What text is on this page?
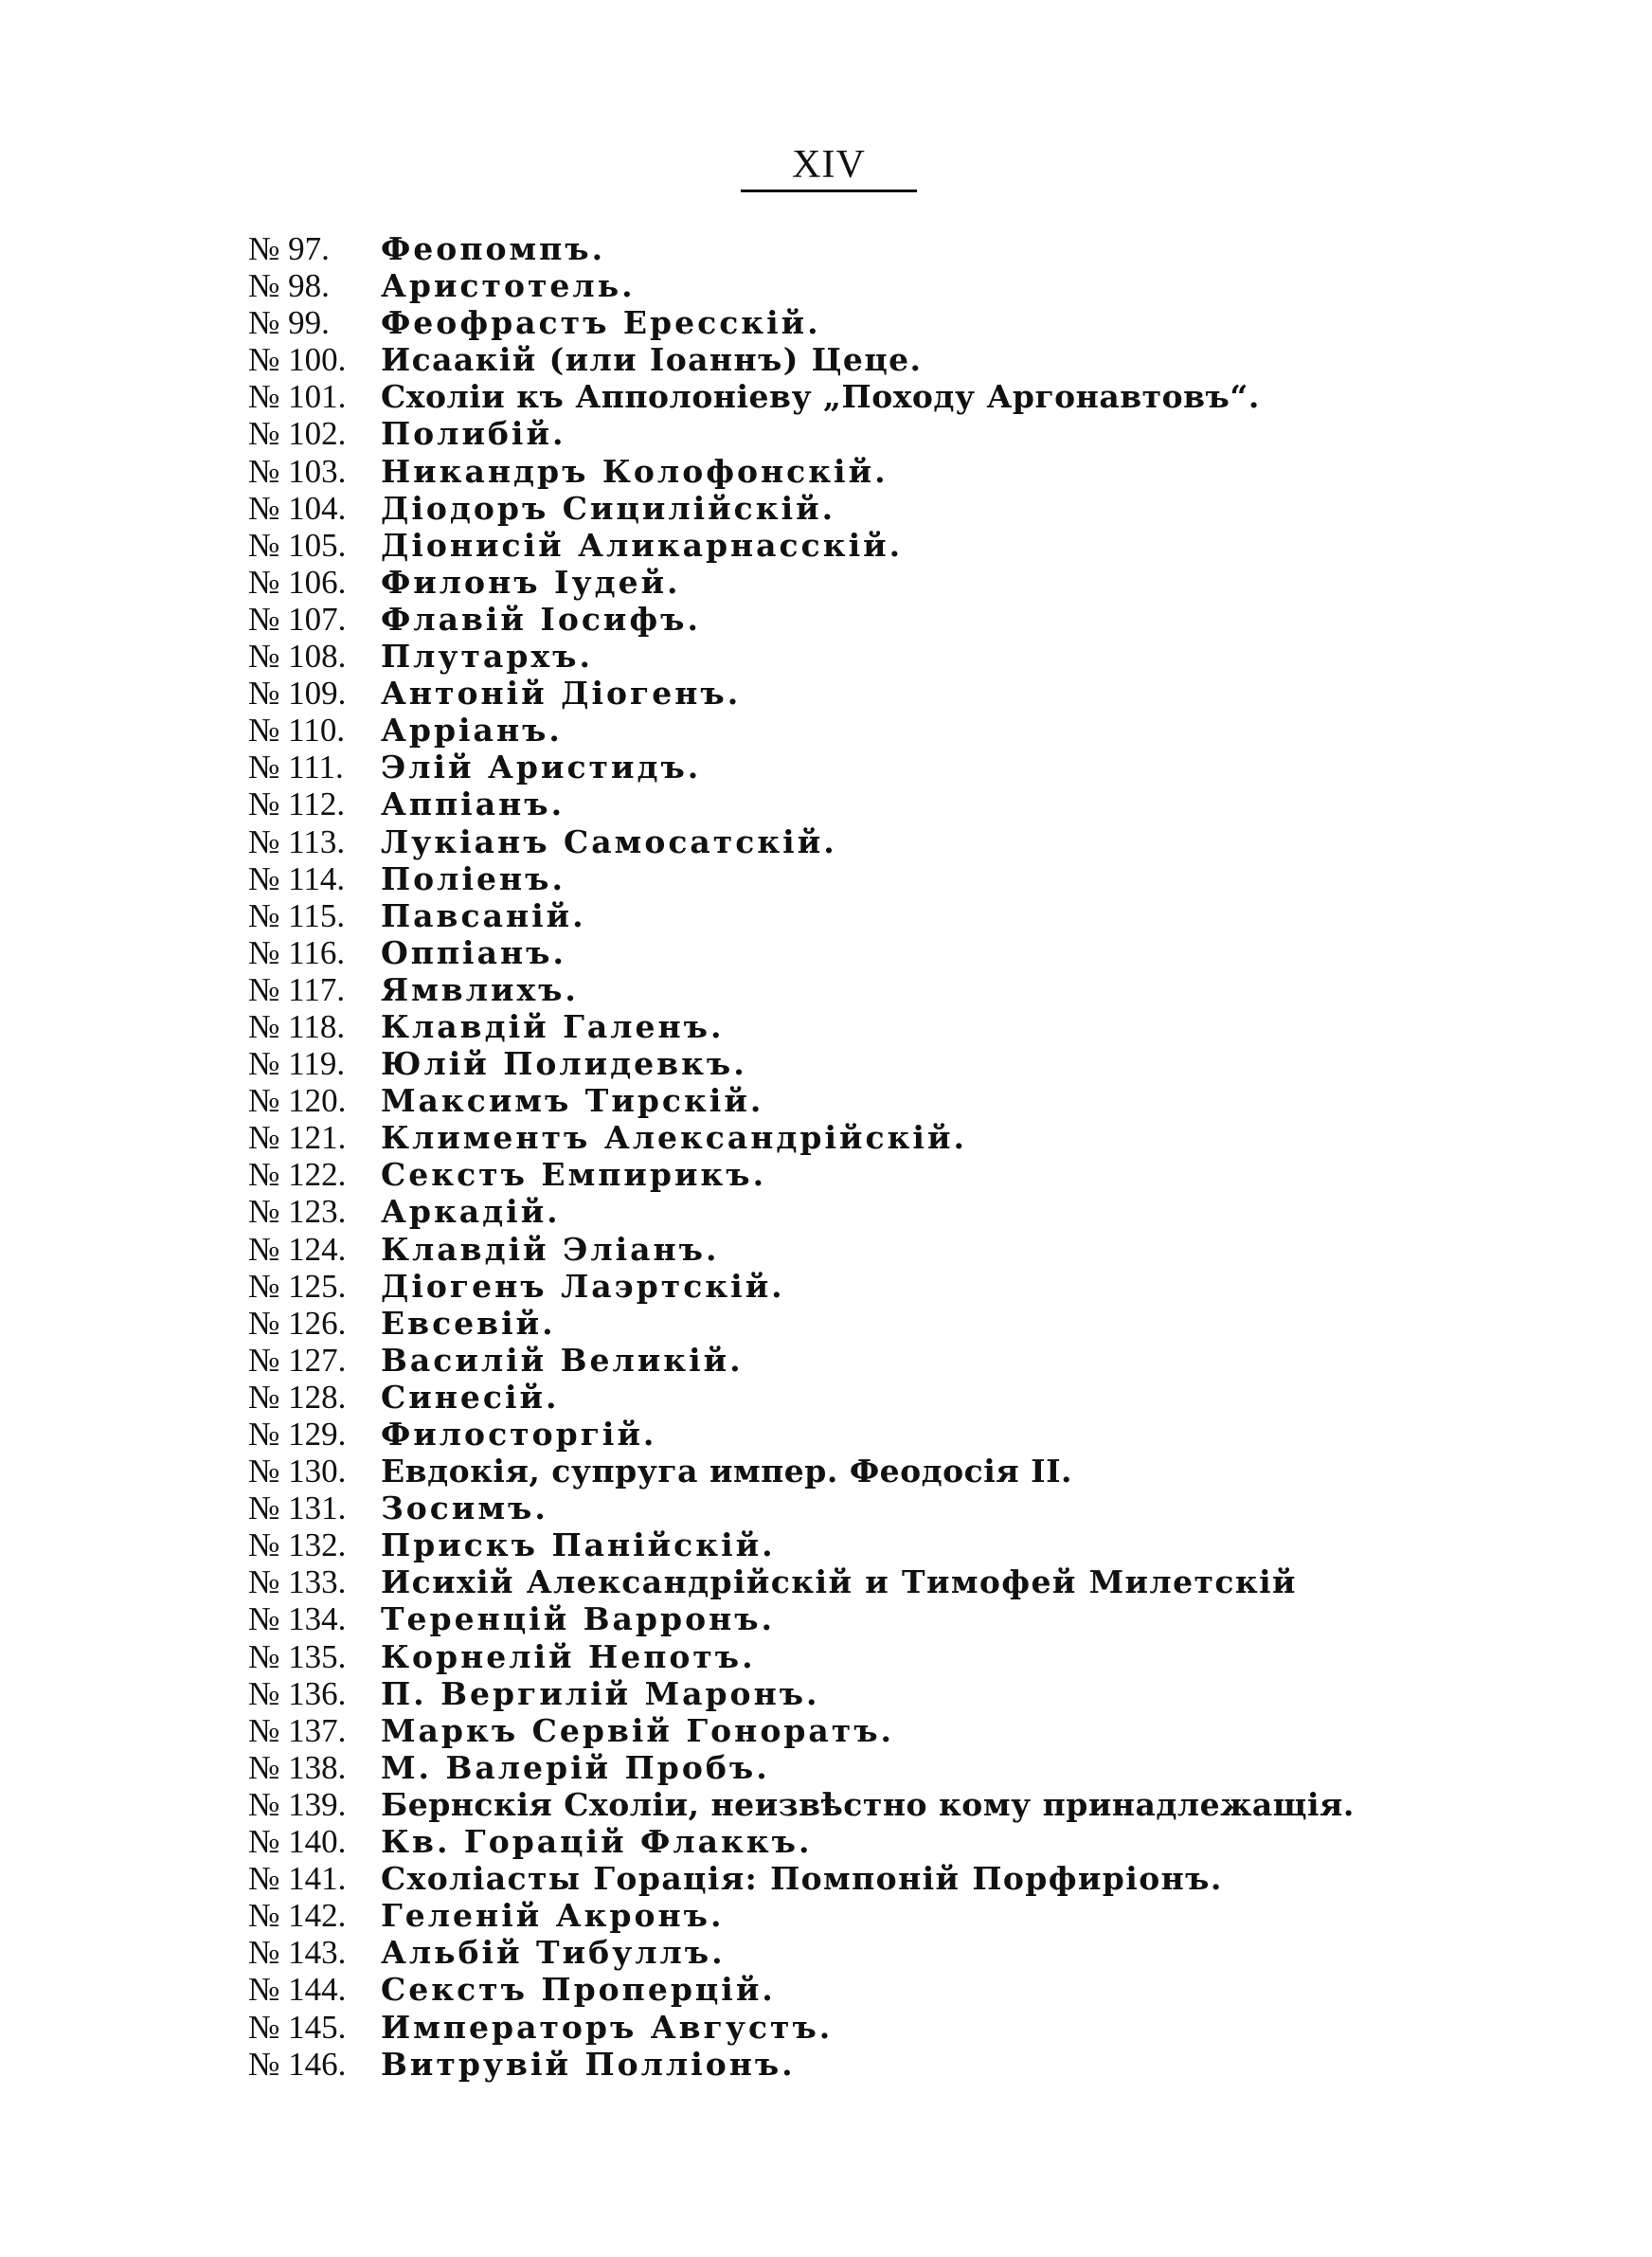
XIV
№ 97. Феопомпъ.
№ 98. Аристотель.
№ 99. Феофрастъ Ересскій.
№ 100. Исаакій (или Іоаннъ) Цеце.
№ 101. Схоліи къ Апполоніеву „Походу Аргонавтовъ“.
№ 102. Полибій.
№ 103. Никандръ Колофонскій.
№ 104. Діодоръ Сицилійскій.
№ 105. Діонисій Аликарнасскій.
№ 106. Филонъ Іудей.
№ 107. Флавій Іосифъ.
№ 108. Плутархъ.
№ 109. Антоній Діогенъ.
№ 110. Арріанъ.
№ 111. Элій Аристидъ.
№ 112. Аппіанъ.
№ 113. Лукіанъ Самосатскій.
№ 114. Поліенъ.
№ 115. Павсаній.
№ 116. Оппіанъ.
№ 117. Ямвлихъ.
№ 118. Клавдій Галенъ.
№ 119. Юлій Полидевкъ.
№ 120. Максимъ Тирскій.
№ 121. Климентъ Александрійскій.
№ 122. Секстъ Емпирикъ.
№ 123. Аркадій.
№ 124. Клавдій Эліанъ.
№ 125. Діогенъ Лаэртскій.
№ 126. Евсевій.
№ 127. Василій Великій.
№ 128. Синесій.
№ 129. Филосторгій.
№ 130. Евдокія, супруга импер. Феодосія II.
№ 131. Зосимъ.
№ 132. Прискъ Панійскій.
№ 133. Исихій Александрійскій и Тимофей Милетскій
№ 134. Теренцій Варронъ.
№ 135. Корнелій Непотъ.
№ 136. П. Вергилій Маронъ.
№ 137. Маркъ Сервій Гоноратъ.
№ 138. М. Валерій Пробъ.
№ 139. Бернскія Схоліи, неизвѣстно кому принадлежащія.
№ 140. Кв. Горацій Флаккъ.
№ 141. Схоліасты Горація: Помпоній Порфиріонъ.
№ 142. Геленій Акронъ.
№ 143. Альбій Тибуллъ.
№ 144. Секстъ Проперцій.
№ 145. Императоръ Августъ.
№ 146. Витрувій Поллiонъ.
